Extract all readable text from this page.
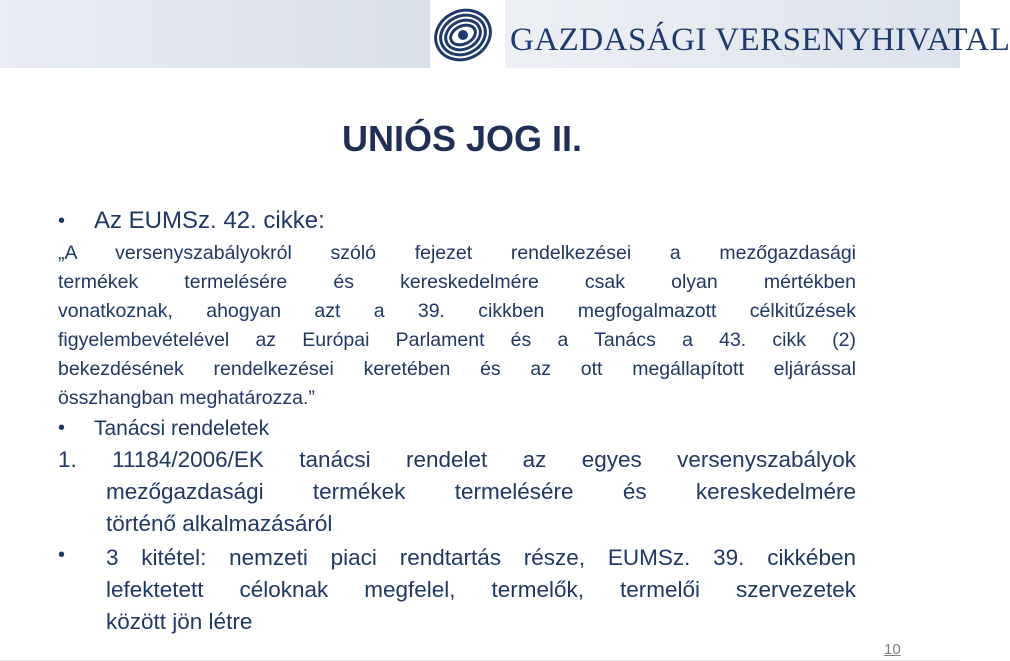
GAZDASÁGI VERSENYHIVATAL
UNIÓS JOG II.
• Az EUMSz. 42. cikke:
„A versenyszabályokról szóló fejezet rendelkezései a mezőgazdasági
termékek termelésére és kereskedelmére csak olyan mértékben
vonatkoznak, ahogyan azt a 39. cikkben megfogalmazott célkitűzések
figyelembevételével az Európai Parlament és a Tanács a 43. cikk (2)
bekezdésének rendelkezései keretében és az ott megállapított eljárással
összhangban meghatározza.”
• Tanácsi rendeletek
1. 11184/2006/EK tanácsi rendelet az egyes versenyszabályok
mezőgazdasági termékek termelésére és kereskedelmére
történő alkalmazásáról
• 3 kitétel: nemzeti piaci rendtartás része, EUMSz. 39. cikkében
lefektetett céloknak megfelel, termelők, termelői szervezetek
között jön létre
10
